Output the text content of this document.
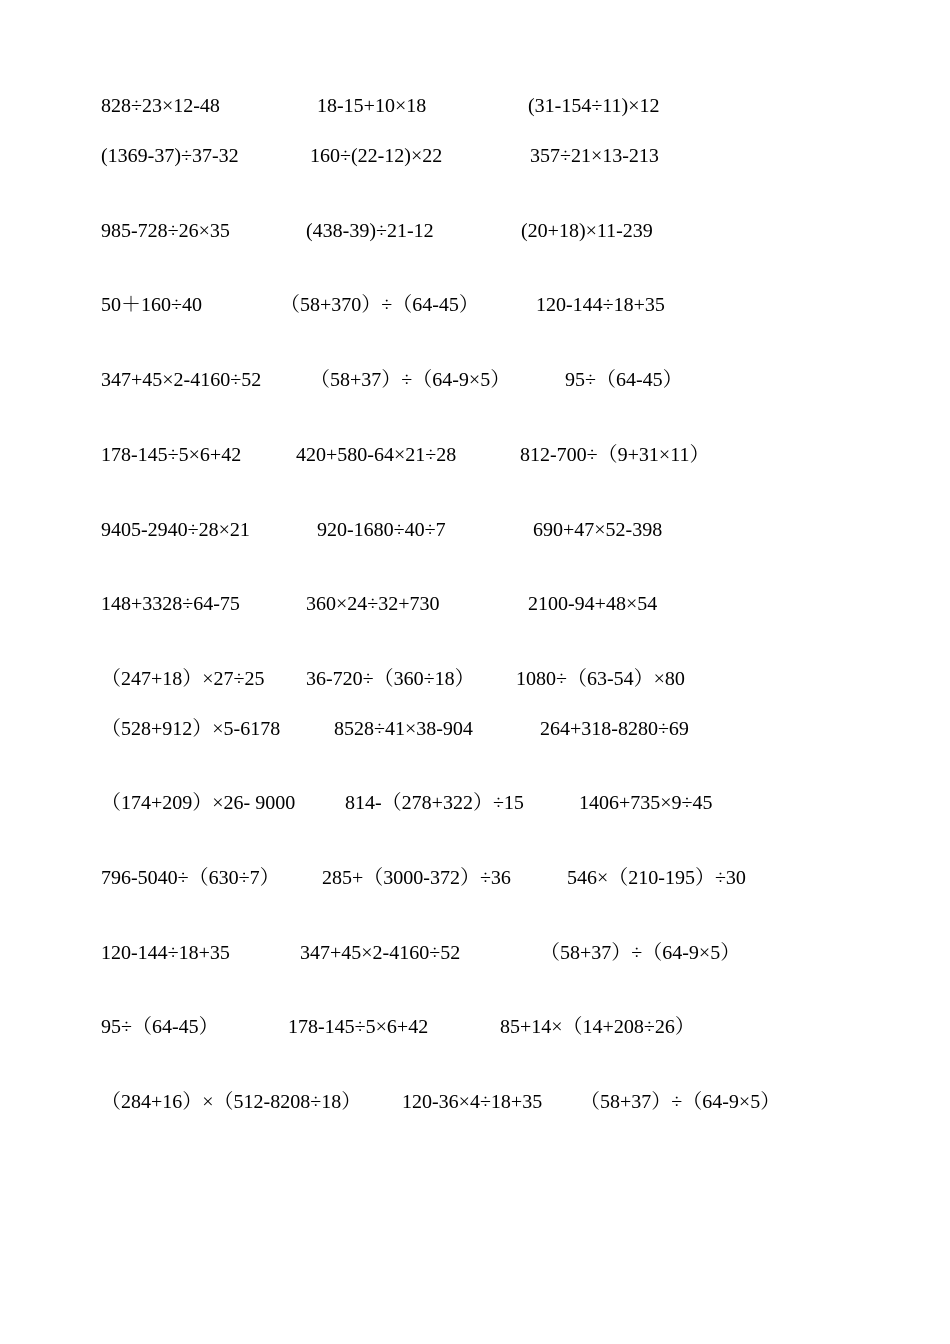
828÷23×12-48	18-15+10×18	(31-154÷11)×12
(1369-37)÷37-32	160÷(22-12)×22	357÷21×13-213
985-728÷26×35	(438-39)÷21-12	(20+18)×11-239
50＋160÷40	（58+370）÷（64-45）	120-144÷18+35
347+45×2-4160÷52 （58+37）÷（64-9×5）	95÷（64-45）
178-145÷5×6+42	420+580-64×21÷28	812-700÷（9+31×11）
9405-2940÷28×21	920-1680÷40÷7	690+47×52-398
148+3328÷64-75	360×24÷32+730	2100-94+48×54
（247+18）×27÷25 36-720÷（360÷18） 1080÷（63-54）×80
（528+912）×5-6178	8528÷41×38-904	264+318-8280÷69
（174+209）×26- 9000 814-（278+322）÷15	1406+735×9÷45
796-5040÷（630÷7） 285+（3000-372）÷36	546×（210-195）÷30
120-144÷18+35	347+45×2-4160÷52	（58+37）÷（64-9×5）
95÷（64-45）	178-145÷5×6+42	85+14×（14+208÷26）
（284+16）×（512-8208÷18） 120-36×4÷18+35 （58+37）÷（64-9×5）
